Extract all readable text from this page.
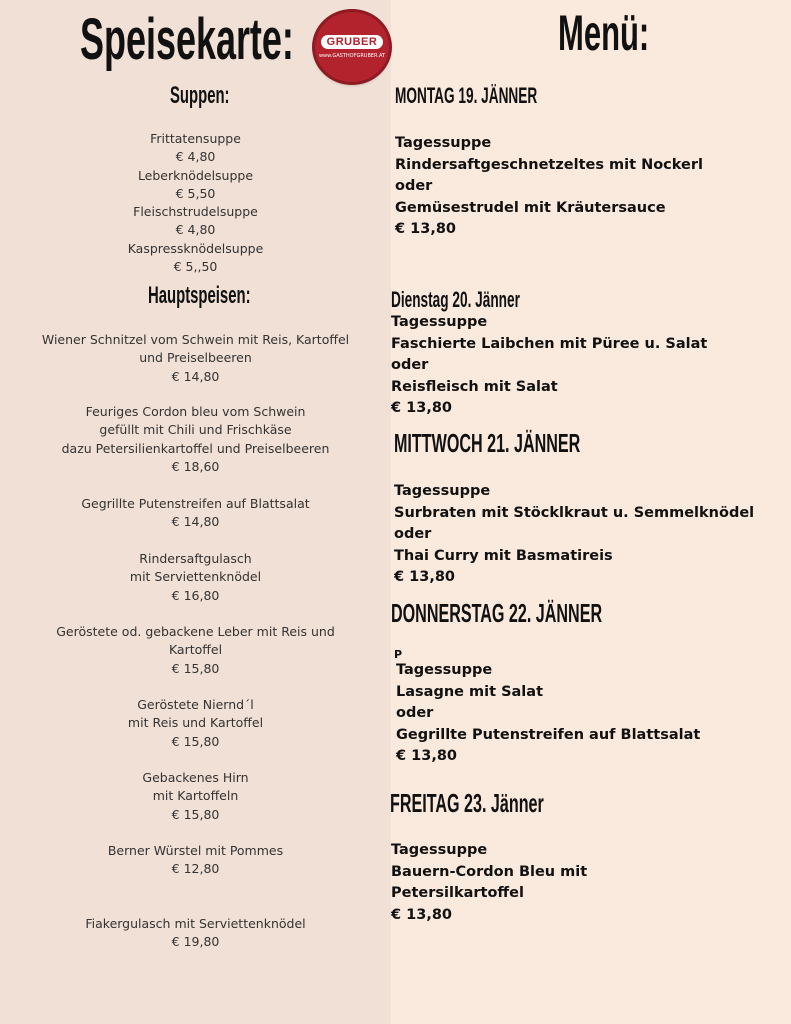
Speisekarte:	Menü:
GRUBER
www.GASTHOFGRUBER.AT
Suppen:
Frittatensuppe
€ 4,80
Leberknödelsuppe
€ 5,50
Fleischstrudelsuppe
€ 4,80
Kaspressknödelsuppe
€ 5,,50
Hauptspeisen:
Wiener Schnitzel vom Schwein mit Reis, Kartoffel
und Preiselbeeren
€ 14,80
Feuriges Cordon bleu vom Schwein
gefüllt mit Chili und Frischkäse
dazu Petersilienkartoffel und Preiselbeeren
€ 18,60
Gegrillte Putenstreifen auf Blattsalat
€ 14,80
Rindersaftgulasch
mit Serviettenknödel
€ 16,80
Geröstete od. gebackene Leber mit Reis und
Kartoffel
€ 15,80
Geröstete Niernd´l
mit Reis und Kartoffel
€ 15,80
Gebackenes Hirn
mit Kartoffeln
€ 15,80
Berner Würstel mit Pommes
€ 12,80
Fiakergulasch mit Serviettenknödel
€ 19,80
MONTAG 19. JÄNNER
Tagessuppe
Rindersaftgeschnetzeltes mit Nockerl
oder
Gemüsestrudel mit Kräutersauce
€ 13,80
Dienstag 20. Jänner
Tagessuppe
Faschierte Laibchen mit Püree u. Salat
oder
Reisfleisch mit Salat
€ 13,80
MITTWOCH 21. JÄNNER
Tagessuppe
Surbraten mit Stöcklkraut u. Semmelknödel
oder
Thai Curry mit Basmatireis
€ 13,80
DONNERSTAG 22. JÄNNER
P
Tagessuppe
Lasagne mit Salat
oder
Gegrillte Putenstreifen auf Blattsalat
€ 13,80
FREITAG 23. Jänner
Tagessuppe
Bauern-Cordon Bleu mit
Petersilkartoffel
€ 13,80
